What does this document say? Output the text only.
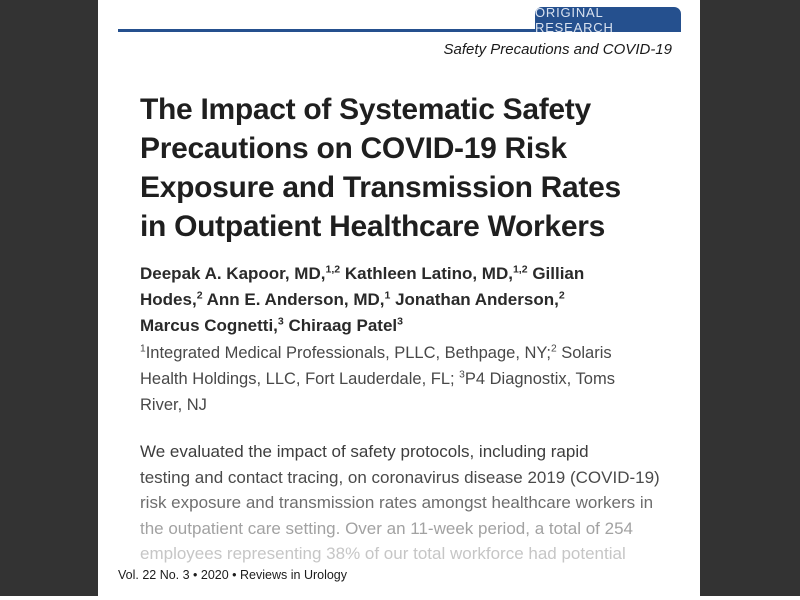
ORIGINAL RESEARCH
Safety Precautions and COVID-19
The Impact of Systematic Safety
Precautions on COVID-19 Risk
Exposure and Transmission Rates
in Outpatient Healthcare Workers
Deepak A. Kapoor, MD,$^{1,2}$ Kathleen Latino, MD,$^{1,2}$ Gillian
Hodes,$^2$ Ann E. Anderson, MD,$^1$ Jonathan Anderson,$^2$
Marcus Cognetti,$^3$ Chiraag Patel$^3$
$^1$Integrated Medical Professionals, PLLC, Bethpage, NY;$^2$ Solaris
Health Holdings, LLC, Fort Lauderdale, FL; $^3$P4 Diagnostix, Toms
River, NJ
We evaluated the impact of safety protocols, including rapid
testing and contact tracing, on coronavirus disease 2019 (COVID-19)
risk exposure and transmission rates amongst healthcare workers in
the outpatient care setting. Over an 11-week period, a total of 254
employees representing 38% of our total workforce had potential
Vol. 22 No. 3 • 2020 • Reviews in Urology
